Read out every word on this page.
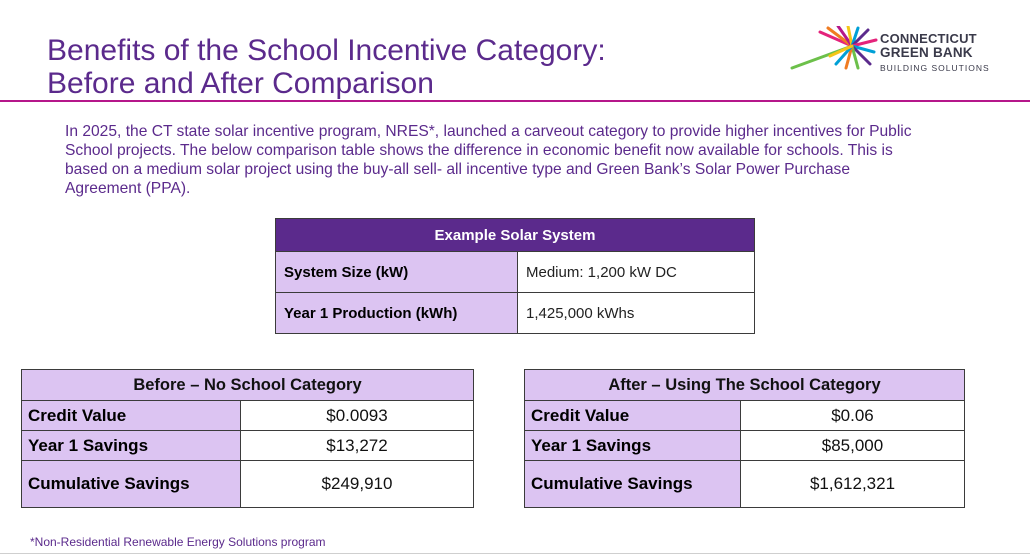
Benefits of the School Incentive Category:
Before and After Comparison
CONNECTICUT
GREEN BANK
BUILDING SOLUTIONS

In 2025, the CT state solar incentive program, NRES*, launched a carveout category to provide higher incentives for Public School projects. The below comparison table shows the difference in economic benefit now available for schools. This is based on a medium solar project using the buy-all sell- all incentive type and Green Bank’s Solar Power Purchase Agreement (PPA).

Example Solar System	
System Size (kW)	Medium: 1,200 kW DC
Year 1 Production (kWh)	1,425,000 kWhs
Before – No School Category	
Credit Value	$0.0093
Year 1 Savings	$13,272
Cumulative Savings	$249,910
After – Using The School Category	
Credit Value	$0.06
Year 1 Savings	$85,000
Cumulative Savings	$1,612,321
*Non-Residential Renewable Energy Solutions program
